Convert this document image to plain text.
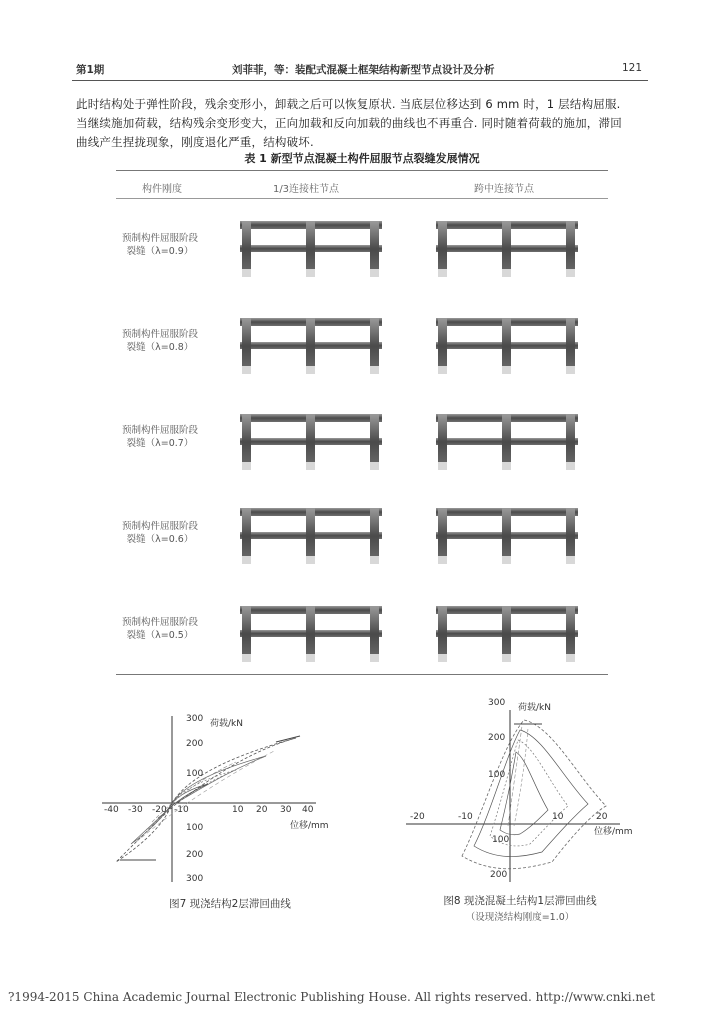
第1期	刘菲菲，等：装配式混凝土框架结构新型节点设计及分析	121
此时结构处于弹性阶段，残余变形小，卸载之后可以恢复原状. 当底层位移达到 6 mm 时，1 层结构屈服.
当继续施加荷载，结构残余变形变大，正向加载和反向加载的曲线也不再重合. 同时随着荷载的施加，滞回
曲线产生捏拢现象，刚度退化严重，结构破坏.
表 1 新型节点混凝土构件屈服节点裂缝发展情况
构件刚度	1/3连接柱节点	跨中连接节点
预制构件屈服阶段
裂缝（λ=0.9）
预制构件屈服阶段
裂缝（λ=0.8）
预制构件屈服阶段
裂缝（λ=0.7）
预制构件屈服阶段
裂缝（λ=0.6）
预制构件屈服阶段
裂缝（λ=0.5）
300 荷载/kN
200
100
100
200
300
-40 -30 -20 -10	10 20 30 40
位移/mm
图7 现浇结构2层滞回曲线
300 荷载/kN
200
100
100
200
-20	-10	10	20
位移/mm
图8 现浇混凝土结构1层滞回曲线
（设现浇结构刚度=1.0）
?1994-2015 China Academic Journal Electronic Publishing House. All rights reserved. http://www.cnki.net
